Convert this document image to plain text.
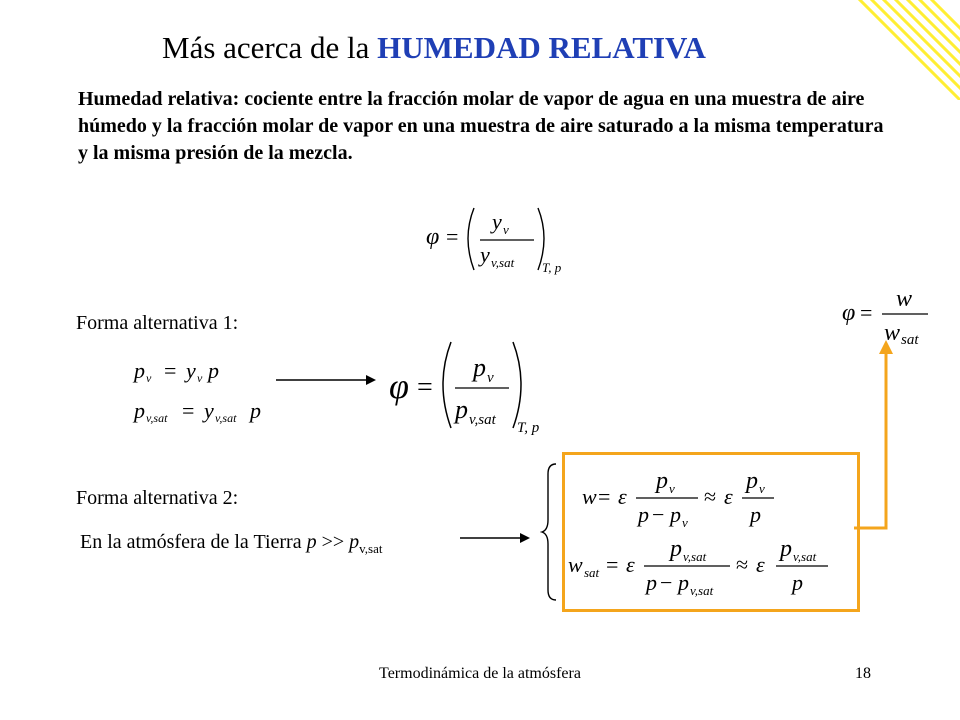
Más acerca de la HUMEDAD RELATIVA
Humedad relativa: cociente entre la fracción molar de vapor de agua en una muestra de aire húmedo y la fracción molar de vapor en una muestra de aire saturado a la misma temperatura y la misma presión de la mezcla.
φ =
y v
y v,sat T, p
φ =
w
w sat
Forma alternativa 1:
p v = y v p
p v,sat = y v,sat p
φ =
p v
p v,sat T, p
Forma alternativa 2:
En la atmósfera de la Tierra $p >> p_{v,sat}$
w = ε
p v
p − p v
≈ ε
p v
p
w sat = ε
p v,sat
p − p v,sat
≈ ε
p v,sat
p
Termodinámica de la atmósfera	18
